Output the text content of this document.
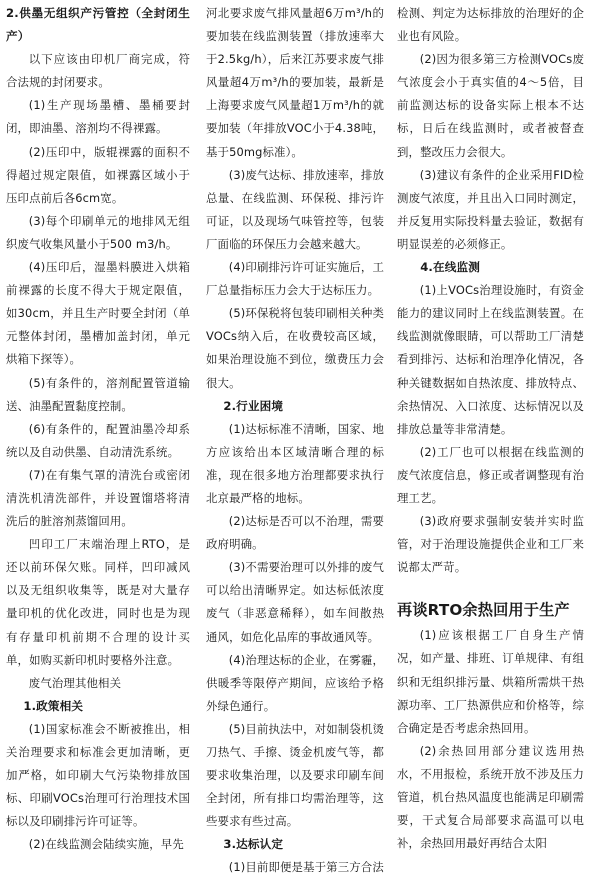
2.供墨无组织产污管控（全封闭生产）

以下应该由印机厂商完成，符合法规的封闭要求。

(1)生产现场墨槽、墨桶要封闭，即油墨、溶剂均不得裸露。

(2)压印中，版辊裸露的面积不得超过规定限值，如裸露区域小于压印点前后各6cm宽。

(3)每个印刷单元的地排风无组织废气收集风量小于500 m3/h。

(4)压印后，湿墨料膜进入烘箱前裸露的长度不得大于规定限值，如30cm，并且生产时要全封闭（单元整体封闭，墨槽加盖封闭，单元烘箱下探等）。

(5)有条件的，溶剂配置管道输送、油墨配置黏度控制。

(6)有条件的，配置油墨冷却系统以及自动供墨、自动清洗系统。

(7)在有集气罩的清洗台或密闭清洗机清洗部件，并设置馏塔将清洗后的脏溶剂蒸馏回用。

凹印工厂末端治理上RTO，是还以前环保欠账。同样，凹印减风以及无组织收集等，既是对大量存量印机的优化改进，同时也是为现有存量印机前期不合理的设计买单，如购买新印机时要格外注意。

废气治理其他相关

1.政策相关

(1)国家标准会不断被推出，相关治理要求和标准会更加清晰，更加严格，如印刷大气污染物排放国标、印刷VOCs治理可行治理技术国标以及印刷排污许可证等。

(2)在线监测会陆续实施，早先

河北要求废气排风量超6万m³/h的要加装在线监测装置（排放速率大于2.5kg/h），后来江苏要求废气排风量超4万m³/h的要加装，最新是上海要求废气风量超1万m³/h的就要加装（年排放VOC小于4.38吨，基于50mg标准）。

(3)废气达标、排放速率，排放总量、在线监测、环保税、排污许可证，以及现场气味管控等，包装厂面临的环保压力会越来越大。

(4)印刷排污许可证实施后，工厂总量指标压力会大于达标压力。

(5)环保税将包装印刷相关种类VOCs纳入后，在收费较高区域，如果治理设施不到位，缴费压力会很大。

2.行业困境

(1)达标标准不清晰，国家、地方应该给出本区域清晰合理的标准，现在很多地方治理都要求执行北京最严格的地标。

(2)达标是否可以不治理，需要政府明确。

(3)不需要治理可以外排的废气可以给出清晰界定。如达标低浓度废气（非恶意稀释），如车间散热通风，如危化品库的事故通风等。

(4)治理达标的企业，在雾霾，供暖季等限停产期间，应该给予格外绿色通行。

(5)目前执法中，对如制袋机烫刀热气、手擦、烫金机废气等，都要求收集治理，以及要求印刷车间全封闭，所有排口均需治理等，这些要求有些过高。

3.达标认定

(1)目前即便是基于第三方合法

检测、判定为达标排放的治理好的企业也有风险。

(2)因为很多第三方检测VOCs废气浓度会小于真实值的4～5倍，目前监测达标的设备实际上根本不达标，日后在线监测时，或者被督查到，整改压力会很大。

(3)建议有条件的企业采用FID检测废气浓度，并且出入口同时测定，并反复用实际投料量去验证，数据有明显误差的必须修正。

4.在线监测

(1)上VOCs治理设施时，有资金能力的建议同时上在线监测装置。在线监测就像眼睛，可以帮助工厂清楚看到排污、达标和治理净化情况，各种关键数据如自热浓度、排放特点、余热情况、入口浓度、达标情况以及排放总量等非常清楚。

(2)工厂也可以根据在线监测的废气浓度信息，修正或者调整现有治理工艺。

(3)政府要求强制安装并实时监管，对于治理设施提供企业和工厂来说都太严苛。

再谈RTO余热回用于生产

(1)应该根据工厂自身生产情况，如产量、排班、订单规律、有组织和无组织排污量、烘箱所需烘干热源功率、工厂热源供应和价格等，综合确定是否考虑余热回用。

(2)余热回用部分建议选用热水，不用报检，系统开放不涉及压力管道，机台热风温度也能满足印刷需要，干式复合局部要求高温可以电补，余热回用最好再结合太阳
